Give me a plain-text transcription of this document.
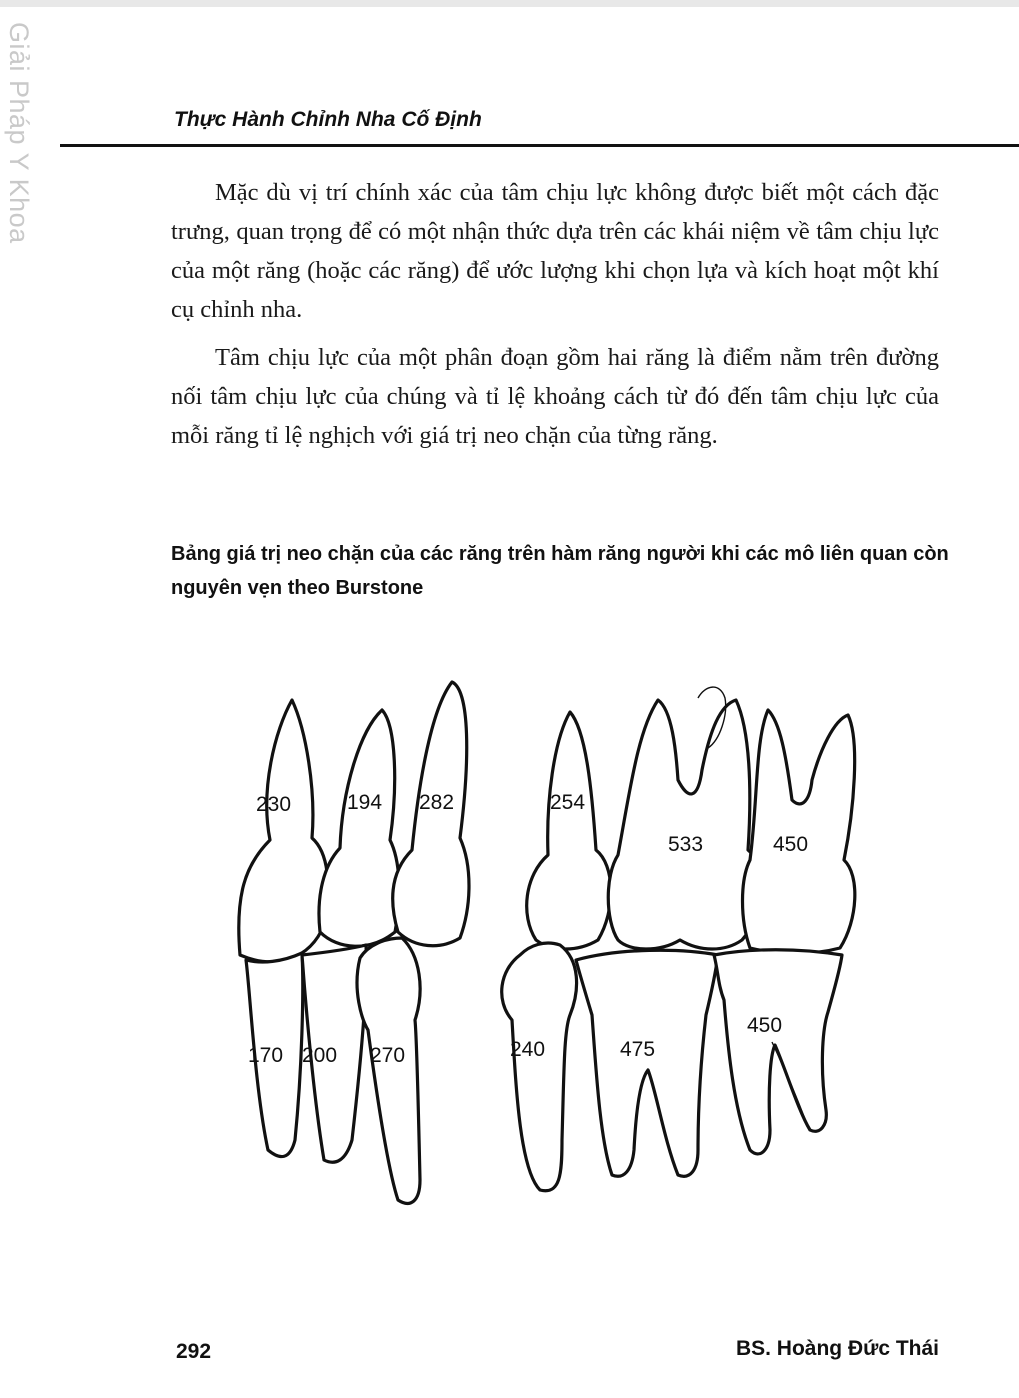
Giải Pháp Y Khoa	Thực Hành Chỉnh Nha Cố Định

Mặc dù vị trí chính xác của tâm chịu lực không được biết một cách đặc trưng, quan trọng để có một nhận thức dựa trên các khái niệm về tâm chịu lực của một răng (hoặc các răng) để ước lượng khi chọn lựa và kích hoạt một khí cụ chỉnh nha.

Tâm chịu lực của một phân đoạn gồm hai răng là điểm nằm trên đường nối tâm chịu lực của chúng và tỉ lệ khoảng cách từ đó đến tâm chịu lực của mỗi răng tỉ lệ nghịch với giá trị neo chặn của từng răng.

Bảng giá trị neo chặn của các răng trên hàm răng người khi các mô liên quan còn nguyên vẹn theo Burstone

230	194 282	254
533	450
170 200 270	240	475
450
292	BS. Hoàng Đức Thái
